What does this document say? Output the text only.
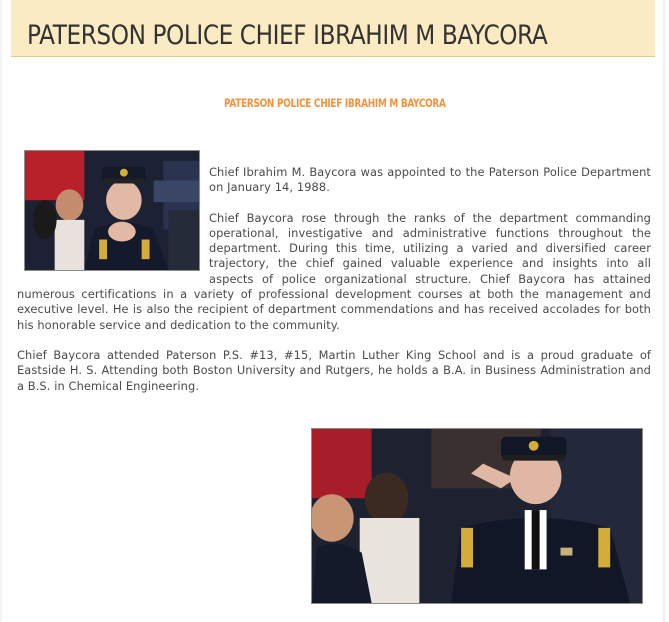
PATERSON POLICE CHIEF IBRAHIM M BAYCORA
PATERSON POLICE CHIEF IBRAHIM M BAYCORA

Chief Ibrahim M. Baycora was appointed to the Paterson Police Department on January 14, 1988.

Chief Baycora rose through the ranks of the department commanding operational, investigative and administrative functions throughout the department. During this time, utilizing a varied and diversified career trajectory, the chief gained valuable experience and insights into all aspects of police organizational structure. Chief Baycora has attained numerous certifications in a variety of professional development courses at both the management and executive level. He is also the recipient of department commendations and has received accolades for both his honorable service and dedication to the community.

Chief Baycora attended Paterson P.S. #13, #15, Martin Luther King School and is a proud graduate of Eastside H. S. Attending both Boston University and Rutgers, he holds a B.A. in Business Administration and a B.S. in Chemical Engineering.
